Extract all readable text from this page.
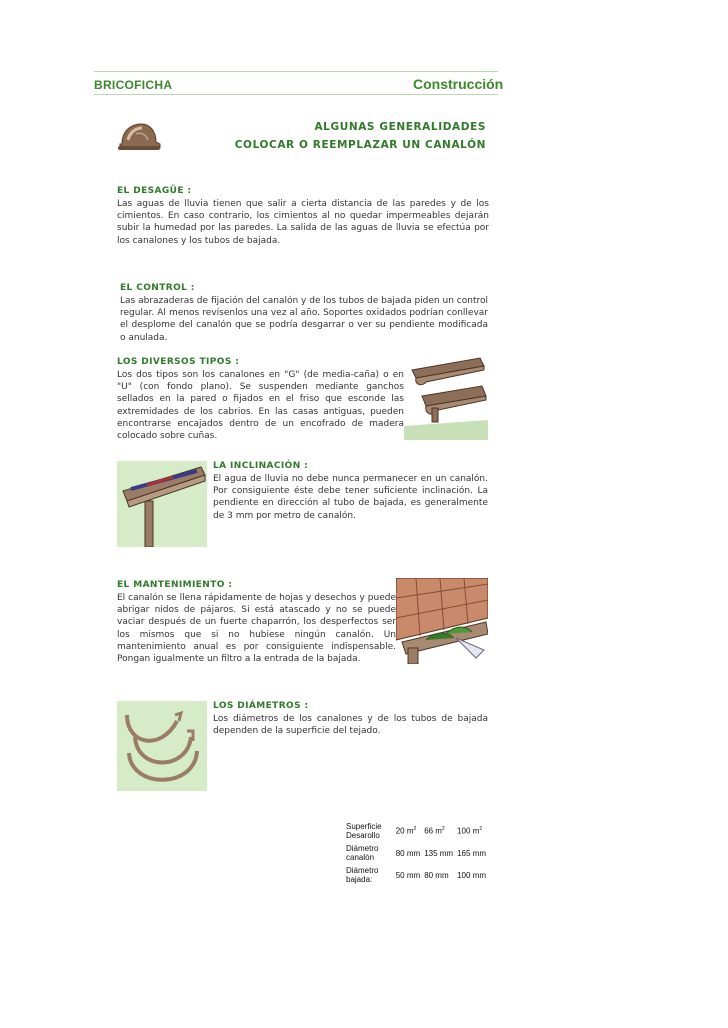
BRICOFICHA	Construcción
ALGUNAS GENERALIDADES
COLOCAR O REEMPLAZAR UN CANALÓN
EL DESAGÜE :
Las aguas de lluvia tienen que salir a cierta distancia de las paredes y de los cimientos. En caso contrario, los cimientos al no quedar impermeables dejarán subir la humedad por las paredes. La salida de las aguas de lluvia se efectúa por los canalones y los tubos de bajada.
EL CONTROL :
Las abrazaderas de fijación del canalón y de los tubos de bajada piden un control regular. Al menos revísenlos una vez al año. Soportes oxidados podrían conllevar el desplome del canalón que se podría desgarrar o ver su pendiente modificada o anulada.
LOS DIVERSOS TIPOS :
Los dos tipos son los canalones en "G" (de media-caña) o en "U" (con fondo plano). Se suspenden mediante ganchos sellados en la pared o fijados en el friso que esconde las extremidades de los cabrios. En las casas antiguas, pueden encontrarse encajados dentro de un encofrado de madera colocado sobre cuñas.
LA INCLINACIÓN :
El agua de lluvia no debe nunca permanecer en un canalón. Por consiguiente éste debe tener suficiente inclinación. La pendiente en dirección al tubo de bajada, es generalmente de 3 mm por metro de canalón.
EL MANTENIMIENTO :
El canalón se llena rápidamente de hojas y desechos y puede abrigar nidos de pájaros. Si está atascado y no se puede vaciar después de un fuerte chaparrón, los desperfectos ser los mismos que si no hubiese ningún canalón. Un mantenimiento anual es por consiguiente indispensable. Pongan igualmente un filtro a la entrada de la bajada.
LOS DIÁMETROS :
Los diámetros de los canalones y de los tubos de bajada dependen de la superficie del tejado.
Superficie
Desarollo	20 $m^2$	66 $m^2$	100 $m^2$
Diámetro
canalón	80 mm	135 mm	165 mm
Diámetro
bajada:	50 mm	80 mm	100 mm
